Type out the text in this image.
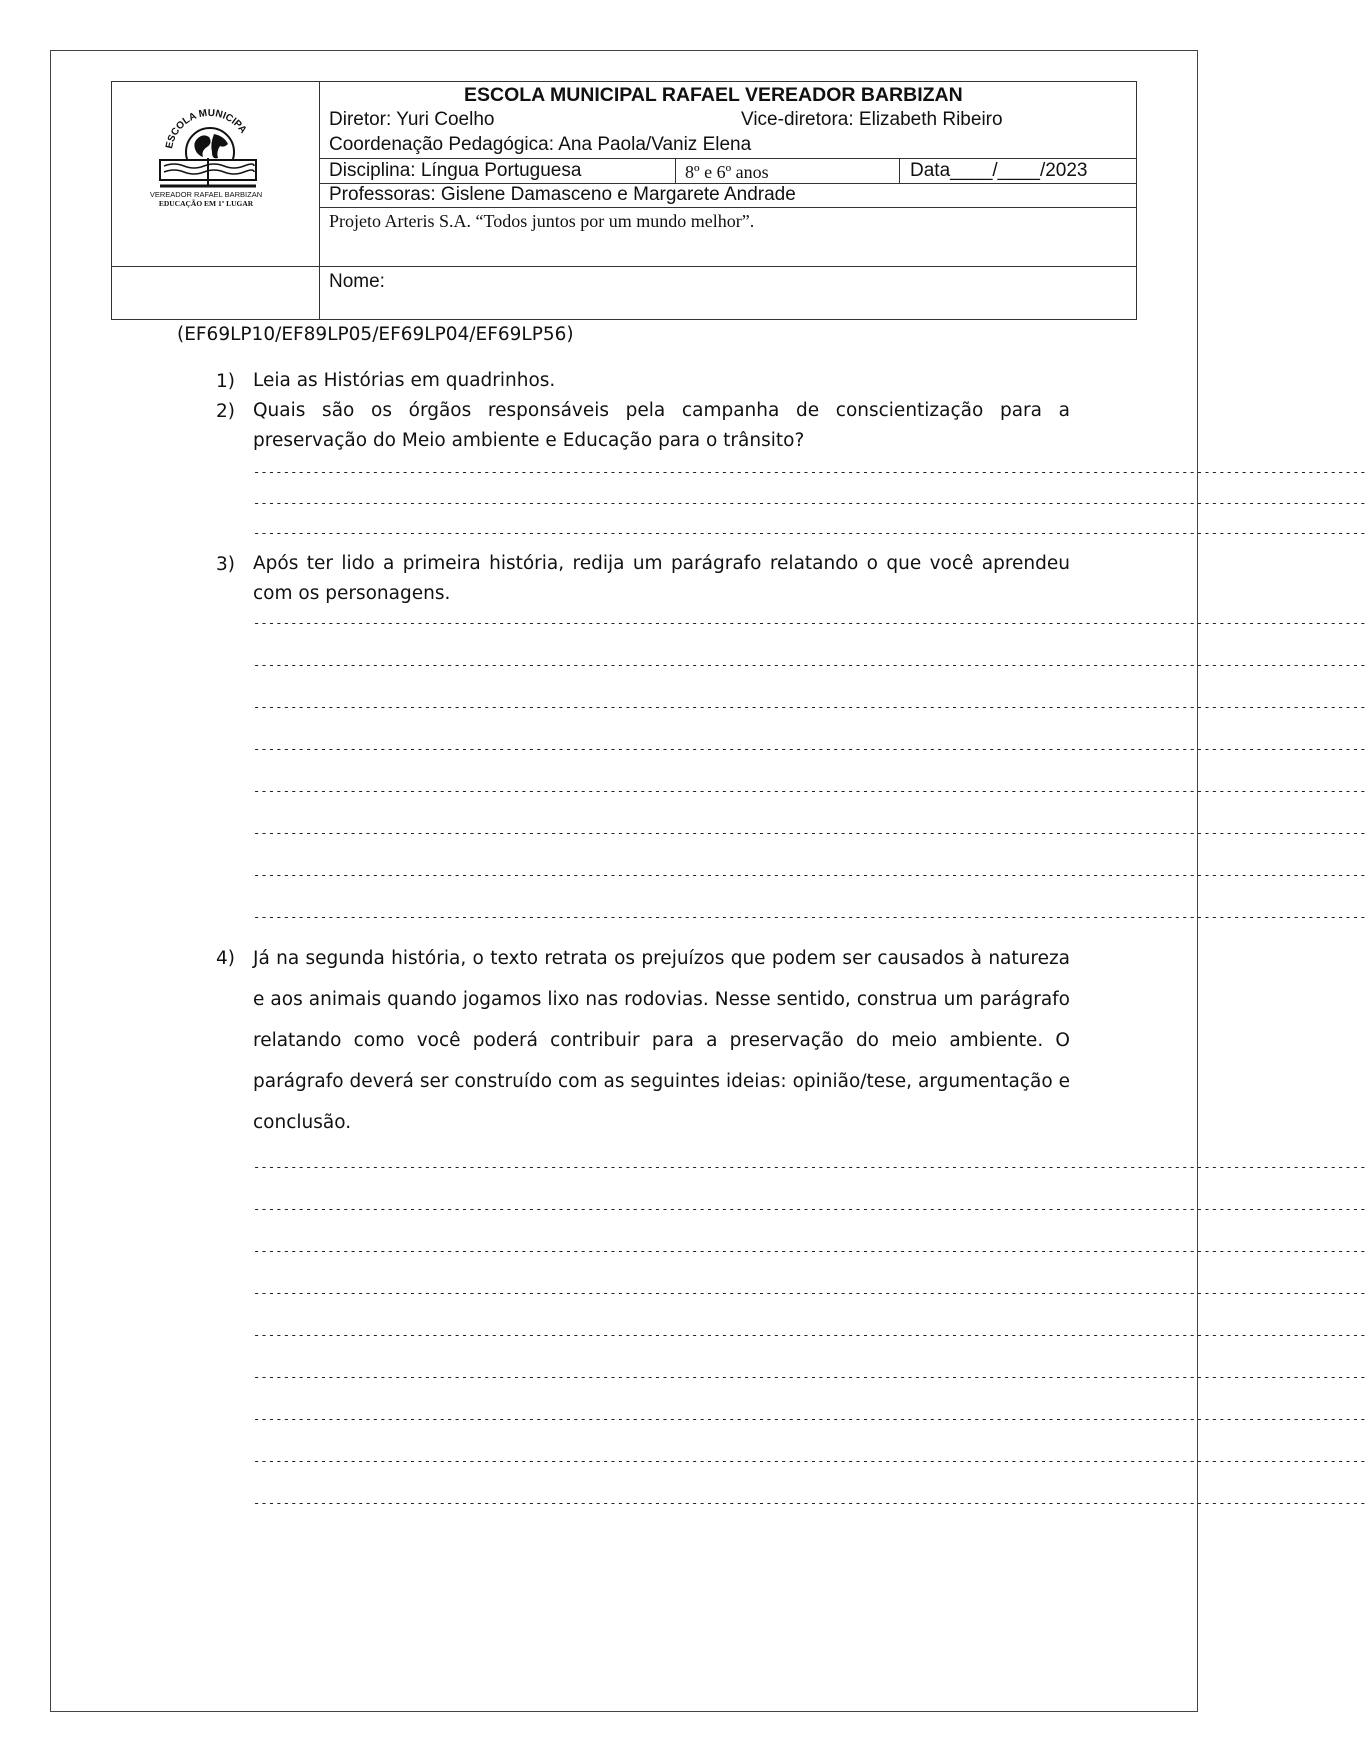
ESCOLA MUNICIPA
VEREADOR RAFAEL BARBIZAN
EDUCAÇÃO EM 1º LUGAR
ESCOLA MUNICIPAL RAFAEL VEREADOR BARBIZAN
Diretor: Yuri Coelho	Vice-diretora: Elizabeth Ribeiro
Coordenação Pedagógica: Ana Paola/Vaniz Elena
Disciplina: Língua Portuguesa	8º e 6º anos	Data____/____/2023
Professoras: Gislene Damasceno e Margarete Andrade
Projeto Arteris S.A. “Todos juntos por um mundo melhor”.
Nome:
(EF69LP10/EF89LP05/EF69LP04/EF69LP56)
1) Leia as Histórias em quadrinhos.
2) Quais são os órgãos responsáveis pela campanha de conscientização para a preservação do Meio ambiente e Educação para o trânsito?
------------------------------------------------------------------------------------------------------------------------------------------------------
------------------------------------------------------------------------------------------------------------------------------------------------------
------------------------------------------------------------------------------------------------------------------------------------------------------
3) Após ter lido a primeira história, redija um parágrafo relatando o que você aprendeu com os personagens.
------------------------------------------------------------------------------------------------------------------------------------------------------
------------------------------------------------------------------------------------------------------------------------------------------------------
------------------------------------------------------------------------------------------------------------------------------------------------------
------------------------------------------------------------------------------------------------------------------------------------------------------
------------------------------------------------------------------------------------------------------------------------------------------------------
------------------------------------------------------------------------------------------------------------------------------------------------------
------------------------------------------------------------------------------------------------------------------------------------------------------
------------------------------------------------------------------------------------------------------------------------------------------------------
4) Já na segunda história, o texto retrata os prejuízos que podem ser causados à natureza e aos animais quando jogamos lixo nas rodovias. Nesse sentido, construa um parágrafo relatando como você poderá contribuir para a preservação do meio ambiente. O parágrafo deverá ser construído com as seguintes ideias: opinião/tese, argumentação e conclusão.
------------------------------------------------------------------------------------------------------------------------------------------------------
------------------------------------------------------------------------------------------------------------------------------------------------------
------------------------------------------------------------------------------------------------------------------------------------------------------
------------------------------------------------------------------------------------------------------------------------------------------------------
------------------------------------------------------------------------------------------------------------------------------------------------------
------------------------------------------------------------------------------------------------------------------------------------------------------
------------------------------------------------------------------------------------------------------------------------------------------------------
------------------------------------------------------------------------------------------------------------------------------------------------------
------------------------------------------------------------------------------------------------------------------------------------------------------
